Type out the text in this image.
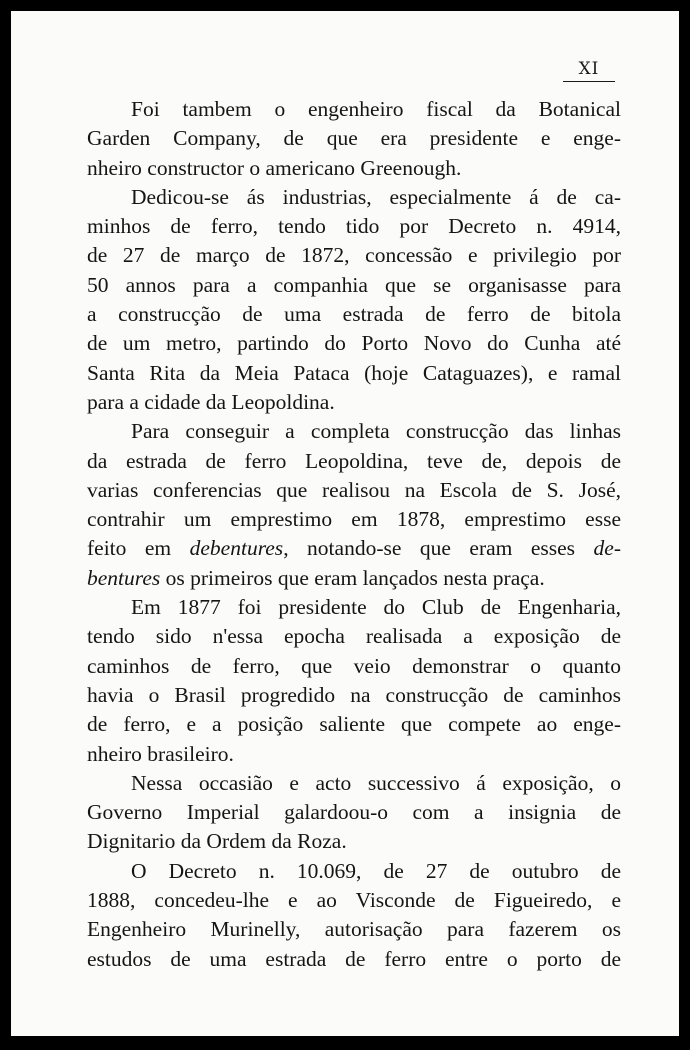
XI

Foi tambem o engenheiro fiscal da Botanical
Garden Company, de que era presidente e enge-
nheiro constructor o americano Greenough.

Dedicou-se ás industrias, especialmente á de ca-
minhos de ferro, tendo tido por Decreto n. 4914,
de 27 de março de 1872, concessão e privilegio por
50 annos para a companhia que se organisasse para
a construcção de uma estrada de ferro de bitola
de um metro, partindo do Porto Novo do Cunha até
Santa Rita da Meia Pataca (hoje Cataguazes), e ramal
para a cidade da Leopoldina.

Para conseguir a completa construcção das linhas
da estrada de ferro Leopoldina, teve de, depois de
varias conferencias que realisou na Escola de S. José,
contrahir um emprestimo em 1878, emprestimo esse
feito em debentures, notando-se que eram esses de-
bentures os primeiros que eram lançados nesta praça.

Em 1877 foi presidente do Club de Engenharia,
tendo sido n'essa epocha realisada a exposição de
caminhos de ferro, que veio demonstrar o quanto
havia o Brasil progredido na construcção de caminhos
de ferro, e a posição saliente que compete ao enge-
nheiro brasileiro.

Nessa occasião e acto successivo á exposição, o
Governo Imperial galardoou-o com a insignia de
Dignitario da Ordem da Roza.

O Decreto n. 10.069, de 27 de outubro de
1888, concedeu-lhe e ao Visconde de Figueiredo, e
Engenheiro Murinelly, autorisação para fazerem os
estudos de uma estrada de ferro entre o porto de
